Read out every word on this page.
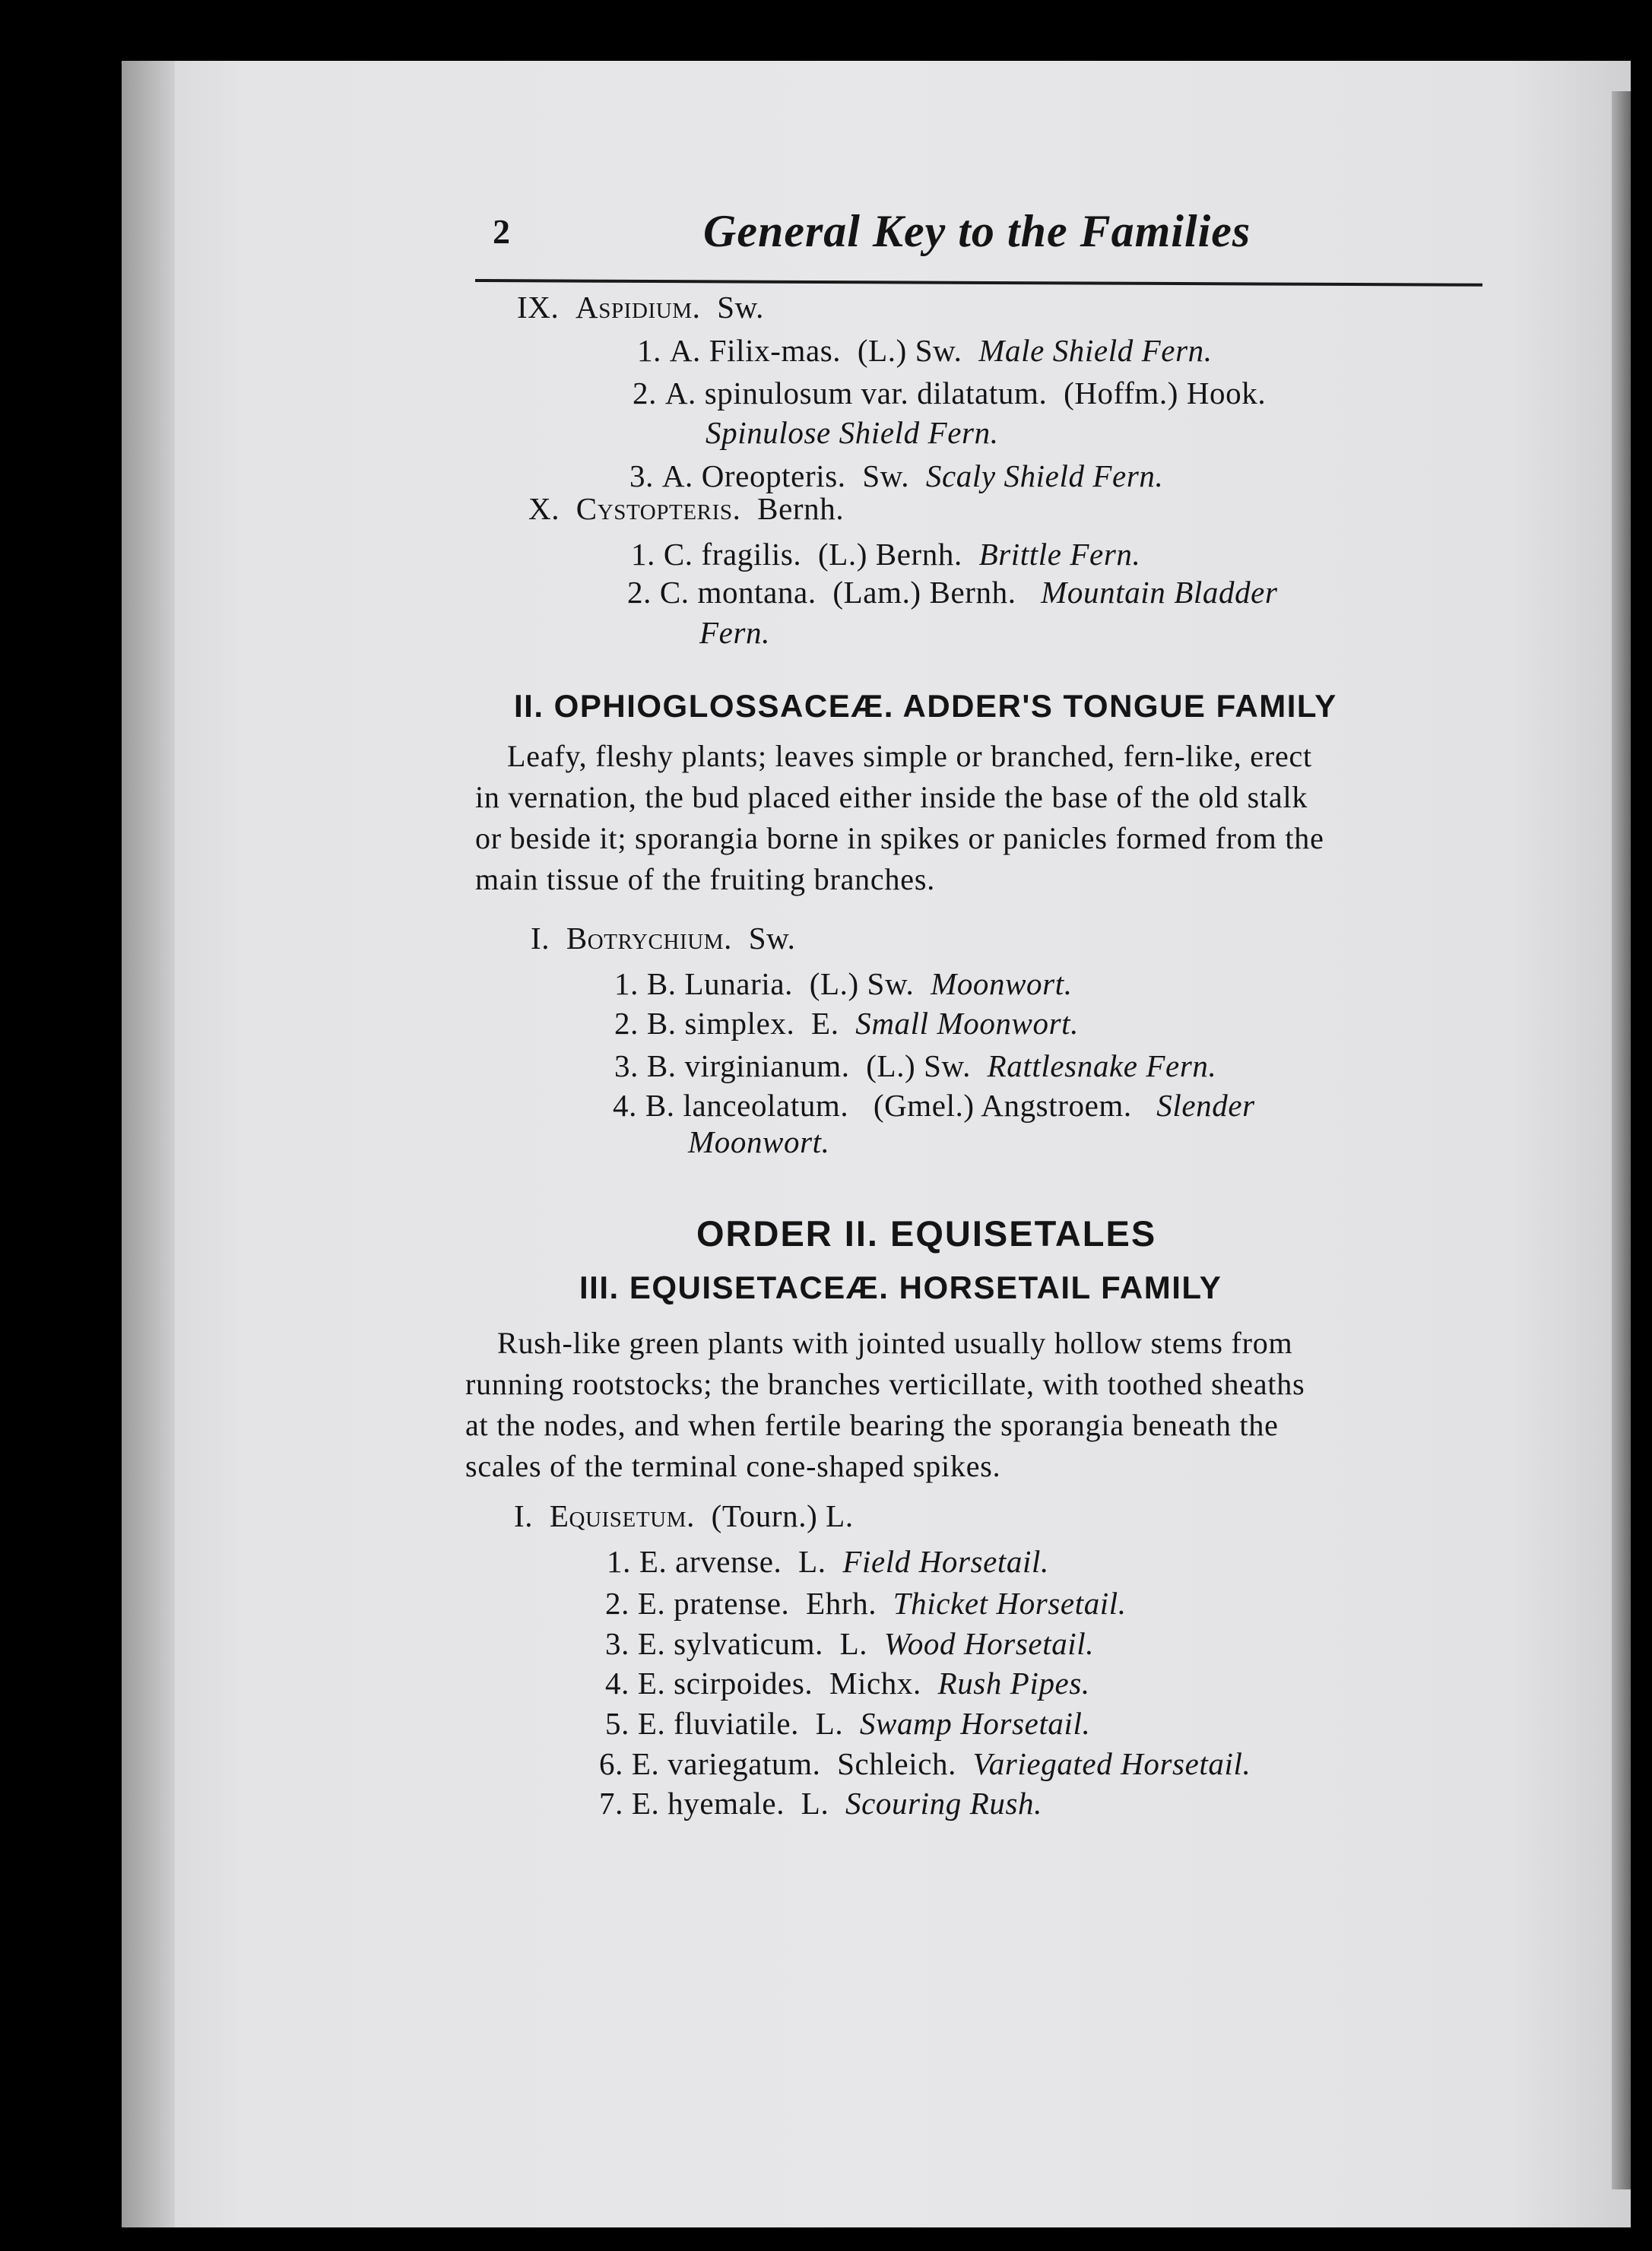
2	General Key to the Families
IX. Aspidium. Sw.
1. A. Filix-mas. (L.) Sw. Male Shield Fern.
2. A. spinulosum var. dilatatum. (Hoffm.) Hook.
Spinulose Shield Fern.
3. A. Oreopteris. Sw. Scaly Shield Fern.
X. Cystopteris. Bernh.
1. C. fragilis. (L.) Bernh. Brittle Fern.
2. C. montana. (Lam.) Bernh. Mountain Bladder
Fern.
II. OPHIOGLOSSACEÆ. ADDER'S TONGUE FAMILY
Leafy, fleshy plants; leaves simple or branched, fern-like, erect
in vernation, the bud placed either inside the base of the old stalk
or beside it; sporangia borne in spikes or panicles formed from the
main tissue of the fruiting branches.
I. Botrychium. Sw.
1. B. Lunaria. (L.) Sw. Moonwort.
2. B. simplex. E. Small Moonwort.
3. B. virginianum. (L.) Sw. Rattlesnake Fern.
4. B. lanceolatum. (Gmel.) Angstroem. Slender
Moonwort.
ORDER II. EQUISETALES
III. EQUISETACEÆ. HORSETAIL FAMILY
Rush-like green plants with jointed usually hollow stems from
running rootstocks; the branches verticillate, with toothed sheaths
at the nodes, and when fertile bearing the sporangia beneath the
scales of the terminal cone-shaped spikes.
I. Equisetum. (Tourn.) L.
1. E. arvense. L. Field Horsetail.
2. E. pratense. Ehrh. Thicket Horsetail.
3. E. sylvaticum. L. Wood Horsetail.
4. E. scirpoides. Michx. Rush Pipes.
5. E. fluviatile. L. Swamp Horsetail.
6. E. variegatum. Schleich. Variegated Horsetail.
7. E. hyemale. L. Scouring Rush.
